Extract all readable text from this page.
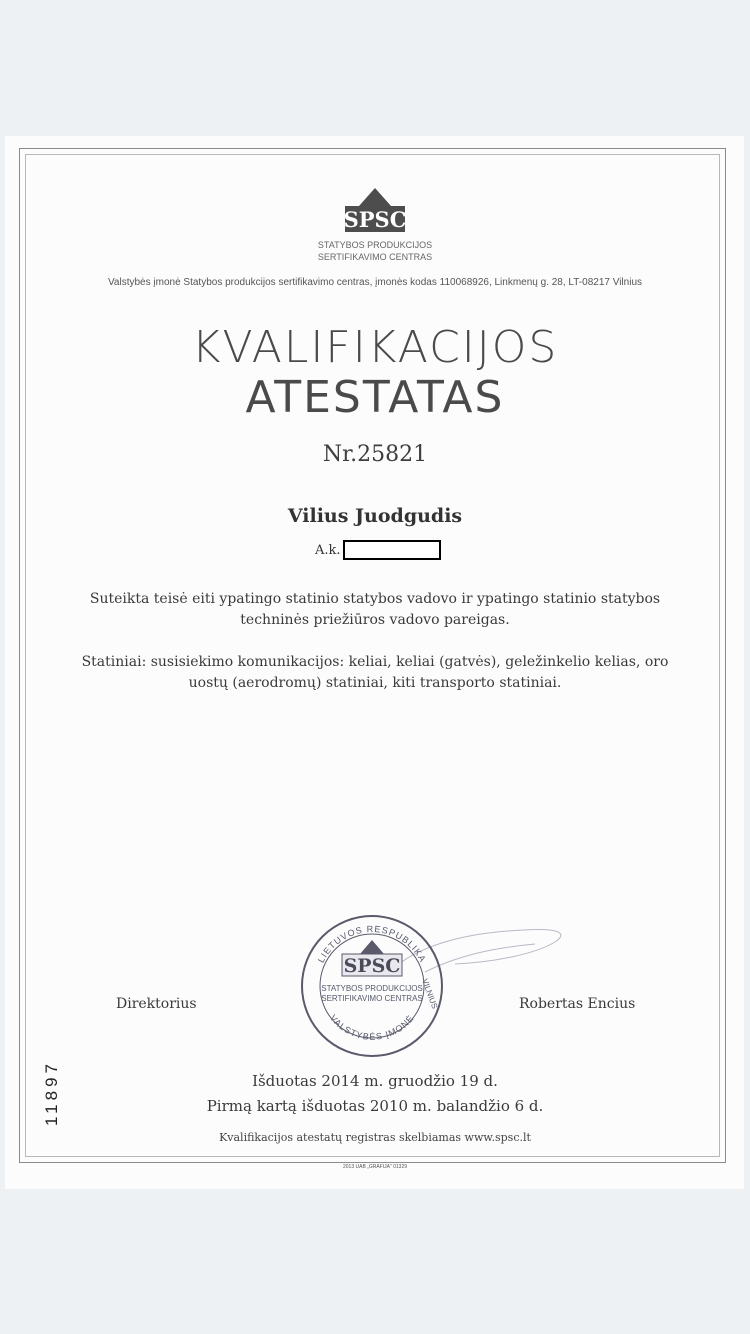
SPSC
STATYBOS PRODUKCIJOS
SERTIFIKAVIMO CENTRAS
Valstybės įmonė Statybos produkcijos sertifikavimo centras, įmonės kodas 110068926, Linkmenų g. 28, LT-08217 Vilnius
KVALIFIKACIJOS
ATESTATAS
Nr.25821
Vilius Juodgudis
A.k.
Suteikta teisė eiti ypatingo statinio statybos vadovo ir ypatingo statinio statybos
techninės priežiūros vadovo pareigas.
Statiniai: susisiekimo komunikacijos: keliai, keliai (gatvės), geležinkelio kelias, oro
uostų (aerodromų) statiniai, kiti transporto statiniai.
Direktorius	Robertas Encius
LIETUVOS RESPUBLIKA
VALSTYBĖS ĮMONĖ
VILNIUS
SPSC
STATYBOS PRODUKCIJOS
SERTIFIKAVIMO CENTRAS
Išduotas 2014 m. gruodžio 19 d.
Pirmą kartą išduotas 2010 m. balandžio 6 d.
Kvalifikacijos atestatų registras skelbiamas www.spsc.lt
2013 UAB „GRAFIJA" 01329
11897
